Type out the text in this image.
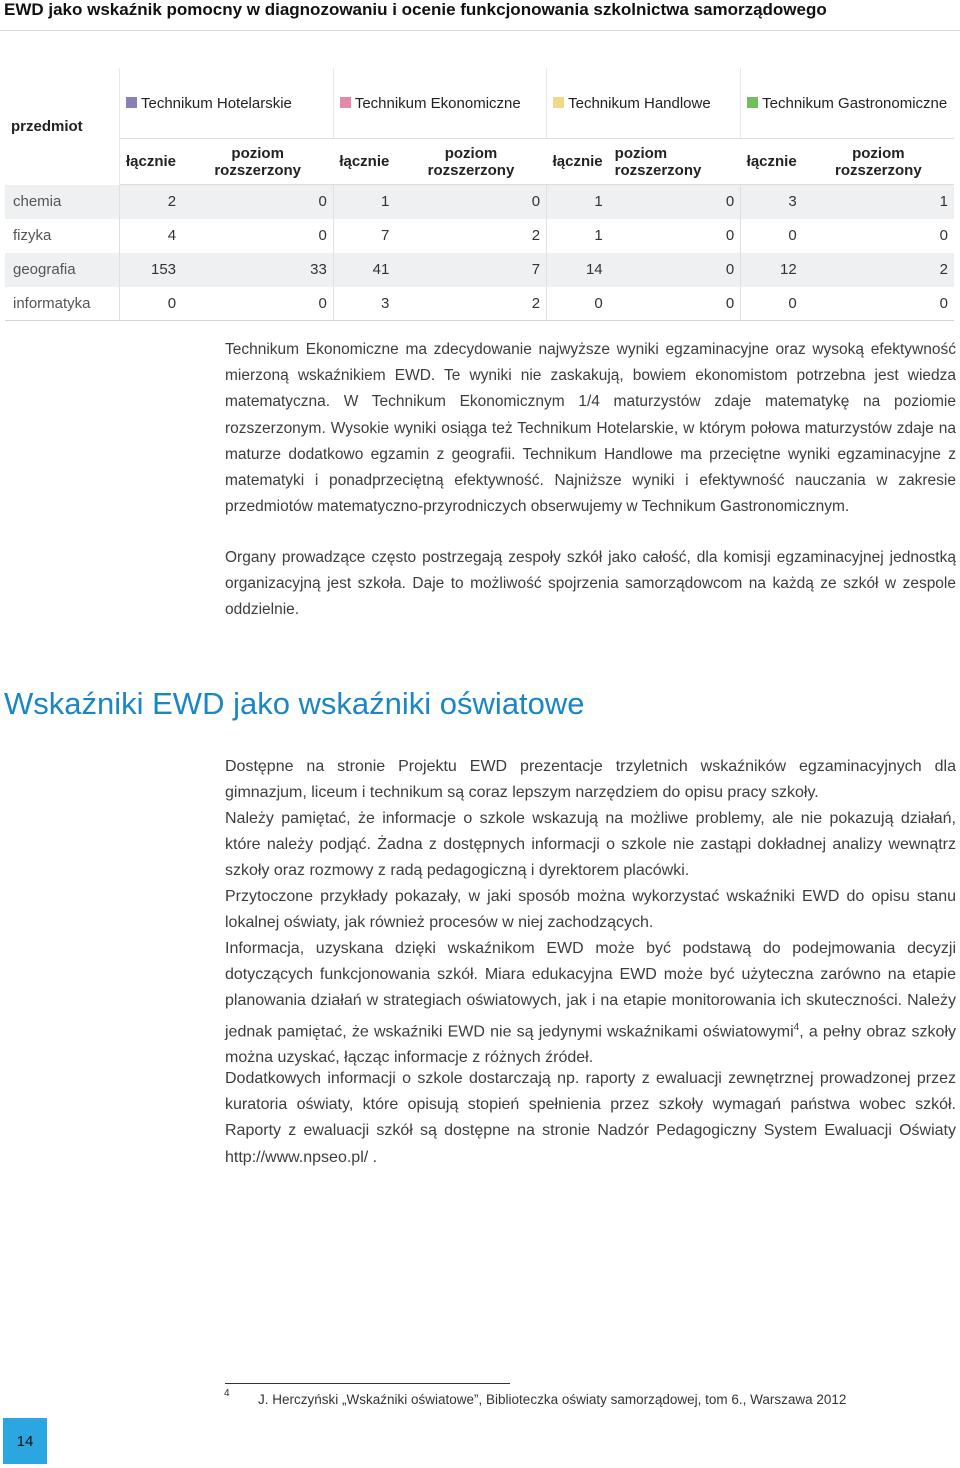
EWD jako wskaźnik pomocny w diagnozowaniu i ocenie funkcjonowania szkolnictwa samorządowego
przedmiot	Technikum Hotelarskie		Technikum Ekonomiczne		Technikum Handlowe		Technikum Gastronomiczne	
	łącznie	poziom rozszerzony	łącznie	poziom rozszerzony	łącznie	poziom rozszerzony	łącznie	poziom rozszerzony
chemia	2	0	1	0	1	0	3	1
fizyka	4	0	7	2	1	0	0	0
geografia	153	33	41	7	14	0	12	2
informatyka	0	0	3	2	0	0	0	0

Technikum Ekonomiczne ma zdecydowanie najwyższe wyniki egzaminacyjne oraz wysoką efektywność mierzoną wskaźnikiem EWD. Te wyniki nie zaskakują, bowiem ekonomistom potrzebna jest wiedza matematyczna. W Technikum Ekonomicznym 1/4 maturzystów zdaje matematykę na poziomie rozszerzonym. Wysokie wyniki osiąga też Technikum Hotelarskie, w którym połowa maturzystów zdaje na maturze dodatkowo egzamin z geografii. Technikum Handlowe ma przeciętne wyniki egzaminacyjne z matematyki i ponadprzeciętną efektywność. Najniższe wyniki i efektywność nauczania w zakresie przedmiotów matematyczno-przyrodniczych obserwujemy w Technikum Gastronomicznym.

Organy prowadzące często postrzegają zespoły szkół jako całość, dla komisji egzaminacyjnej jednostką organizacyjną jest szkoła. Daje to możliwość spojrzenia samorządowcom na każdą ze szkół w zespole oddzielnie.

Wskaźniki EWD jako wskaźniki oświatowe

Dostępne na stronie Projektu EWD prezentacje trzyletnich wskaźników egzaminacyjnych dla gimnazjum, liceum i technikum są coraz lepszym narzędziem do opisu pracy szkoły.

Należy pamiętać, że informacje o szkole wskazują na możliwe problemy, ale nie pokazują działań, które należy podjąć. Żadna z dostępnych informacji o szkole nie zastąpi dokładnej analizy wewnątrz szkoły oraz rozmowy z radą pedagogiczną i dyrektorem placówki.

Przytoczone przykłady pokazały, w jaki sposób można wykorzystać wskaźniki EWD do opisu stanu lokalnej oświaty, jak również procesów w niej zachodzących.

Informacja, uzyskana dzięki wskaźnikom EWD może być podstawą do podejmowania decyzji dotyczących funkcjonowania szkół. Miara edukacyjna EWD może być użyteczna zarówno na etapie planowania działań w strategiach oświatowych, jak i na etapie monitorowania ich skuteczności. Należy jednak pamiętać, że wskaźniki EWD nie są jedynymi wskaźnikami oświatowymi$^4$, a pełny obraz szkoły można uzyskać, łącząc informacje z różnych źródeł.

Dodatkowych informacji o szkole dostarczają np. raporty z ewaluacji zewnętrznej prowadzonej przez kuratoria oświaty, które opisują stopień spełnienia przez szkoły wymagań państwa wobec szkół. Raporty z ewaluacji szkół są dostępne na stronie Nadzór Pedagogiczny System Ewaluacji Oświaty http://www.npseo.pl/ .

4 J. Herczyński „Wskaźniki oświatowe”, Biblioteczka oświaty samorządowej, tom 6., Warszawa 2012
14
